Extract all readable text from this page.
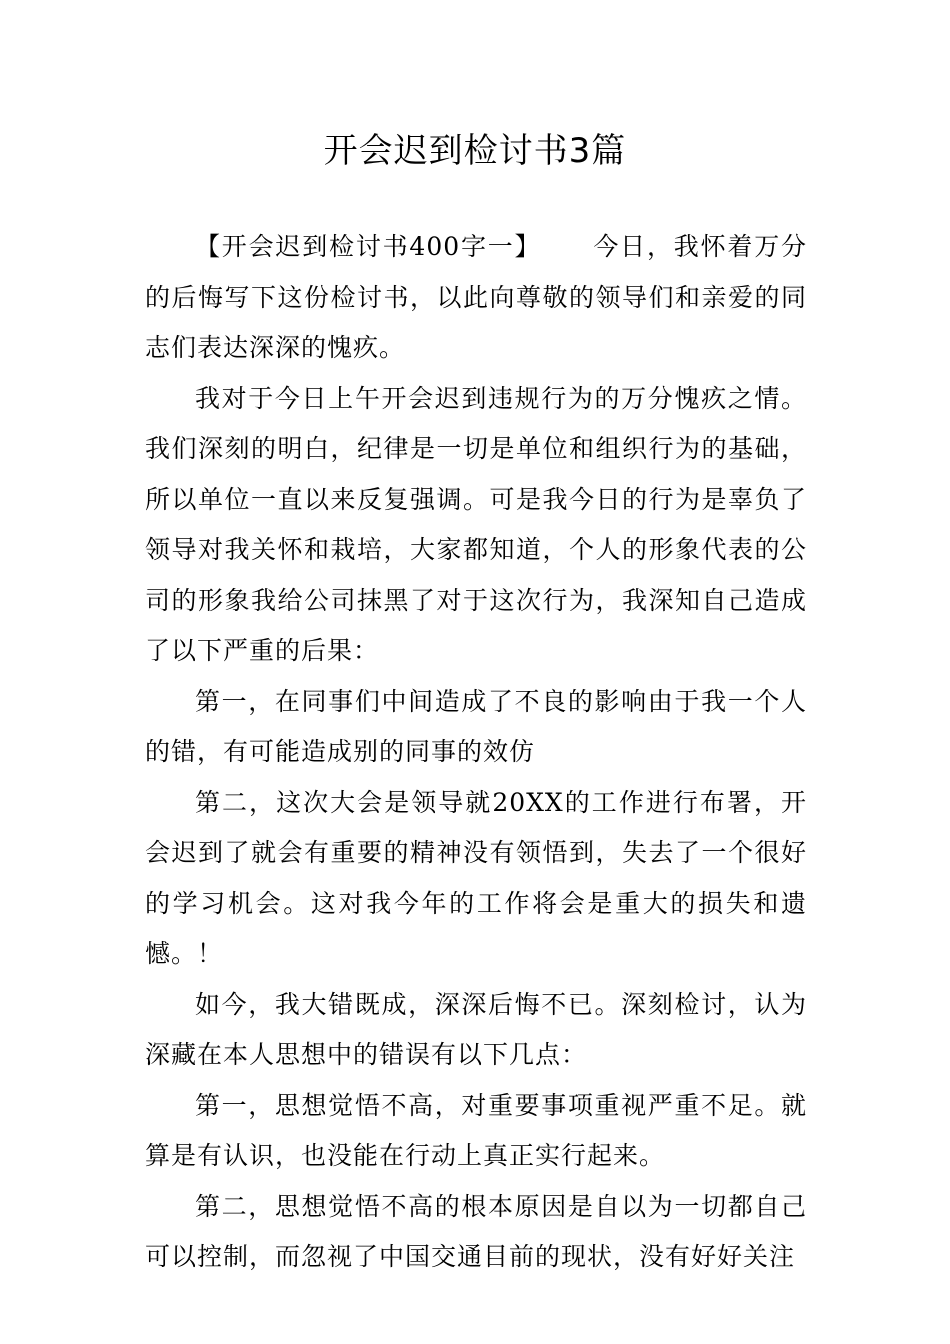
开会迟到检讨书3篇

【开会迟到检讨书400字一】 今日，我怀着万分的后悔写下这份检讨书，以此向尊敬的领导们和亲爱的同志们表达深深的愧疚。

我对于今日上午开会迟到违规行为的万分愧疚之情。我们深刻的明白，纪律是一切是单位和组织行为的基础，所以单位一直以来反复强调。可是我今日的行为是辜负了领导对我关怀和栽培，大家都知道，个人的形象代表的公司的形象我给公司抹黑了对于这次行为，我深知自己造成了以下严重的后果：

第一，在同事们中间造成了不良的影响由于我一个人的错，有可能造成别的同事的效仿

第二，这次大会是领导就20XX的工作进行布署，开会迟到了就会有重要的精神没有领悟到，失去了一个很好的学习机会。这对我今年的工作将会是重大的损失和遗憾。！

如今，我大错既成，深深后悔不已。深刻检讨，认为深藏在本人思想中的错误有以下几点：

第一，思想觉悟不高，对重要事项重视严重不足。就算是有认识，也没能在行动上真正实行起来。

第二，思想觉悟不高的根本原因是自以为一切都自己可以控制，而忽视了中国交通目前的现状，没有好好关注
